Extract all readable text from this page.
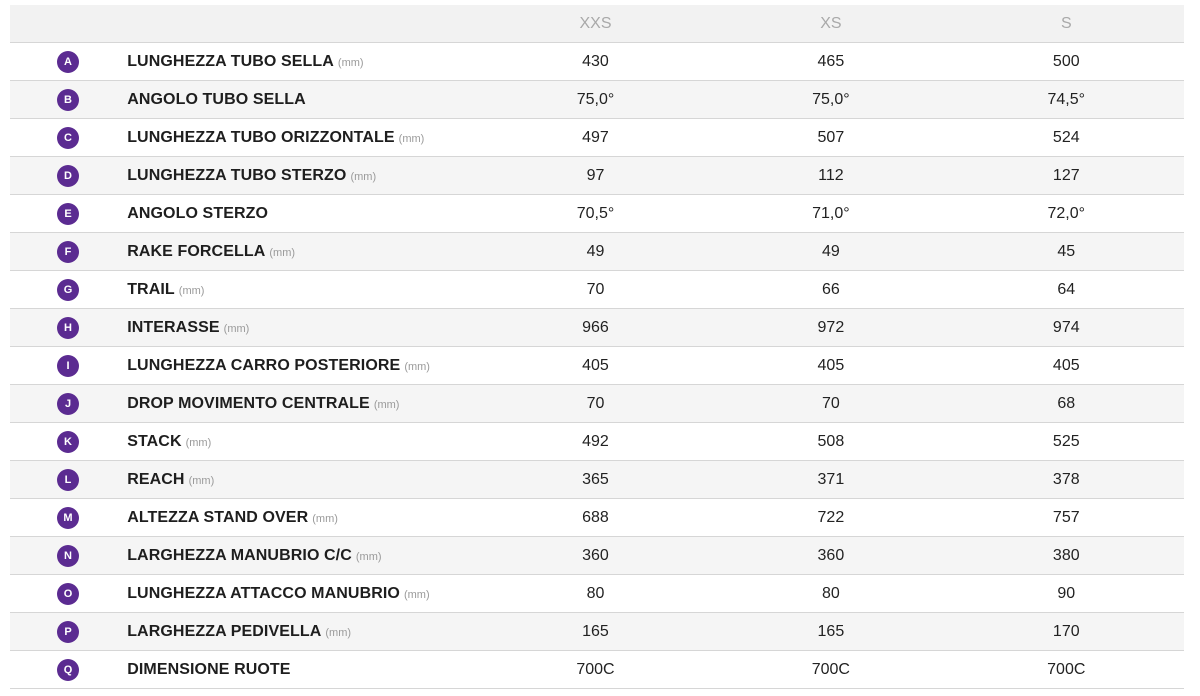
		XXS	XS	S
A	LUNGHEZZA TUBO SELLA (mm)	430	465	500
B	ANGOLO TUBO SELLA	75,0°	75,0°	74,5°
C	LUNGHEZZA TUBO ORIZZONTALE (mm)	497	507	524
D	LUNGHEZZA TUBO STERZO (mm)	97	112	127
E	ANGOLO STERZO	70,5°	71,0°	72,0°
F	RAKE FORCELLA (mm)	49	49	45
G	TRAIL (mm)	70	66	64
H	INTERASSE (mm)	966	972	974
I	LUNGHEZZA CARRO POSTERIORE (mm)	405	405	405
J	DROP MOVIMENTO CENTRALE (mm)	70	70	68
K	STACK (mm)	492	508	525
L	REACH (mm)	365	371	378
M	ALTEZZA STAND OVER (mm)	688	722	757
N	LARGHEZZA MANUBRIO C/C (mm)	360	360	380
O	LUNGHEZZA ATTACCO MANUBRIO (mm)	80	80	90
P	LARGHEZZA PEDIVELLA (mm)	165	165	170
Q	DIMENSIONE RUOTE	700C	700C	700C
